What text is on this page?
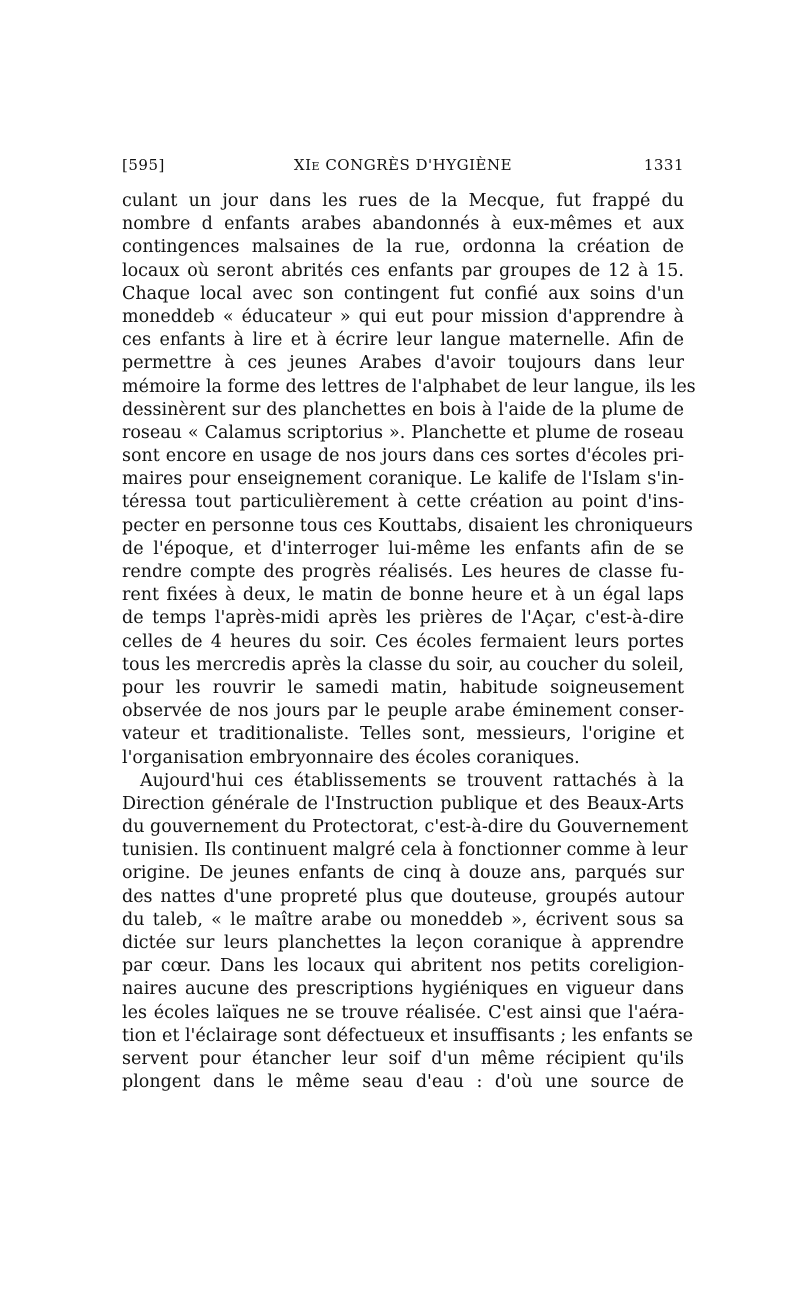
[595]	XIe CONGRÈS D'HYGIÈNE	1331
culant un jour dans les rues de la Mecque, fut frappé du
nombre d enfants arabes abandonnés à eux-mêmes et aux
contingences malsaines de la rue, ordonna la création de
locaux où seront abrités ces enfants par groupes de 12 à 15.
Chaque local avec son contingent fut confié aux soins d'un
moneddeb « éducateur » qui eut pour mission d'apprendre à
ces enfants à lire et à écrire leur langue maternelle. Afin de
permettre à ces jeunes Arabes d'avoir toujours dans leur
mémoire la forme des lettres de l'alphabet de leur langue, ils les
dessinèrent sur des planchettes en bois à l'aide de la plume de
roseau « Calamus scriptorius ». Planchette et plume de roseau
sont encore en usage de nos jours dans ces sortes d'écoles pri-
maires pour enseignement coranique. Le kalife de l'Islam s'in-
téressa tout particulièrement à cette création au point d'ins-
pecter en personne tous ces Kouttabs, disaient les chroniqueurs
de l'époque, et d'interroger lui-même les enfants afin de se
rendre compte des progrès réalisés. Les heures de classe fu-
rent fixées à deux, le matin de bonne heure et à un égal laps
de temps l'après-midi après les prières de l'Açar, c'est-à-dire
celles de 4 heures du soir. Ces écoles fermaient leurs portes
tous les mercredis après la classe du soir, au coucher du soleil,
pour les rouvrir le samedi matin, habitude soigneusement
observée de nos jours par le peuple arabe éminement conser-
vateur et traditionaliste. Telles sont, messieurs, l'origine et
l'organisation embryonnaire des écoles coraniques.
Aujourd'hui ces établissements se trouvent rattachés à la
Direction générale de l'Instruction publique et des Beaux-Arts
du gouvernement du Protectorat, c'est-à-dire du Gouvernement
tunisien. Ils continuent malgré cela à fonctionner comme à leur
origine. De jeunes enfants de cinq à douze ans, parqués sur
des nattes d'une propreté plus que douteuse, groupés autour
du taleb, « le maître arabe ou moneddeb », écrivent sous sa
dictée sur leurs planchettes la leçon coranique à apprendre
par cœur. Dans les locaux qui abritent nos petits coreligion-
naires aucune des prescriptions hygiéniques en vigueur dans
les écoles laïques ne se trouve réalisée. C'est ainsi que l'aéra-
tion et l'éclairage sont défectueux et insuffisants ; les enfants se
servent pour étancher leur soif d'un même récipient qu'ils
plongent dans le même seau d'eau : d'où une source de
